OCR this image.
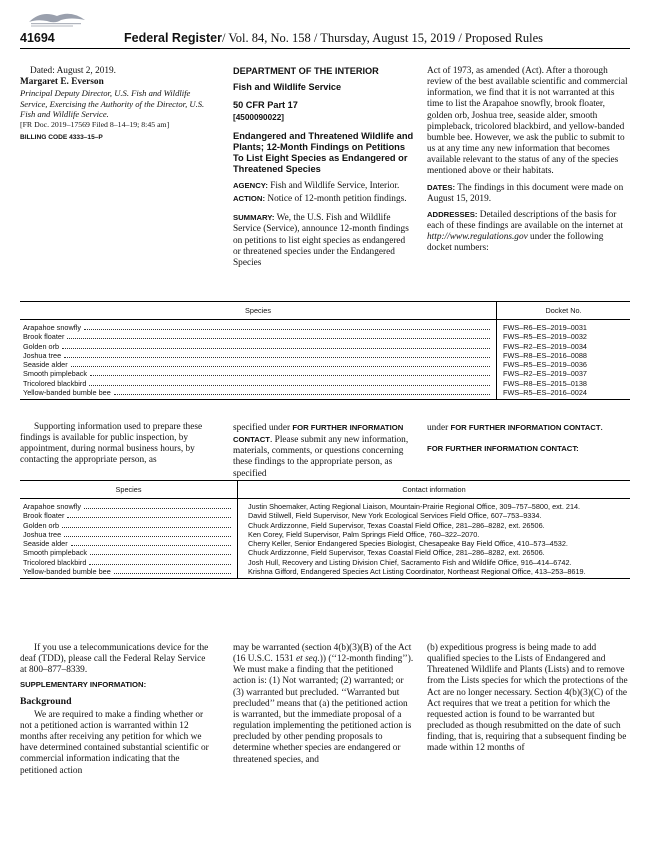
41694	Federal Register/ Vol. 84, No. 158 / Thursday, August 15, 2019 / Proposed Rules

Dated: August 2, 2019.

Margaret E. Everson

Principal Deputy Director, U.S. Fish and Wildlife Service, Exercising the Authority of the Director, U.S. Fish and Wildlife Service.

[FR Doc. 2019–17569 Filed 8–14–19; 8:45 am]

BILLING CODE 4333–15–P

DEPARTMENT OF THE INTERIOR

Fish and Wildlife Service

50 CFR Part 17

[4500090022]

Endangered and Threatened Wildlife and Plants; 12-Month Findings on Petitions To List Eight Species as Endangered or Threatened Species

AGENCY: Fish and Wildlife Service, Interior.

ACTION: Notice of 12-month petition findings.

SUMMARY: We, the U.S. Fish and Wildlife Service (Service), announce 12-month findings on petitions to list eight species as endangered or threatened species under the Endangered Species

Act of 1973, as amended (Act). After a thorough review of the best available scientific and commercial information, we find that it is not warranted at this time to list the Arapahoe snowfly, brook floater, golden orb, Joshua tree, seaside alder, smooth pimpleback, tricolored blackbird, and yellow-banded bumble bee. However, we ask the public to submit to us at any time any new information that becomes available relevant to the status of any of the species mentioned above or their habitats.

DATES: The findings in this document were made on August 15, 2019.

ADDRESSES: Detailed descriptions of the basis for each of these findings are available on the internet at http://www.regulations.gov under the following docket numbers:

Species	Docket No.

Arapahoe snowfly	FWS–R6–ES–2019–0031

Brook floater	FWS–R5–ES–2019–0032

Golden orb	FWS–R2–ES–2019–0034

Joshua tree	FWS–R8–ES–2016–0088

Seaside alder	FWS–R5–ES–2019–0036

Smooth pimpleback	FWS–R2–ES–2019–0037

Tricolored blackbird	FWS–R8–ES–2015–0138

Yellow-banded bumble bee	FWS–R5–ES–2016–0024

Supporting information used to prepare these findings is available for public inspection, by appointment, during normal business hours, by contacting the appropriate person, as

specified under FOR FURTHER INFORMATION CONTACT. Please submit any new information, materials, comments, or questions concerning these findings to the appropriate person, as specified

under FOR FURTHER INFORMATION CONTACT.

FOR FURTHER INFORMATION CONTACT:

Species	Contact information

Arapahoe snowfly	Justin Shoemaker, Acting Regional Liaison, Mountain-Prairie Regional Office, 309–757–5800, ext. 214.

Brook floater	David Stilwell, Field Supervisor, New York Ecological Services Field Office, 607–753–9334.

Golden orb	Chuck Ardizzonne, Field Supervisor, Texas Coastal Field Office, 281–286–8282, ext. 26506.

Joshua tree	Ken Corey, Field Supervisor, Palm Springs Field Office, 760–322–2070.

Seaside alder	Cherry Keller, Senior Endangered Species Biologist, Chesapeake Bay Field Office, 410–573–4532.

Smooth pimpleback	Chuck Ardizzonne, Field Supervisor, Texas Coastal Field Office, 281–286–8282, ext. 26506.

Tricolored blackbird	Josh Hull, Recovery and Listing Division Chief, Sacramento Fish and Wildlife Office, 916–414–6742.

Yellow-banded bumble bee	Krishna Gifford, Endangered Species Act Listing Coordinator, Northeast Regional Office, 413–253–8619.

If you use a telecommunications device for the deaf (TDD), please call the Federal Relay Service at 800–877–8339.

SUPPLEMENTARY INFORMATION:

Background

We are required to make a finding whether or not a petitioned action is warranted within 12 months after receiving any petition for which we have determined contained substantial scientific or commercial information indicating that the petitioned action

may be warranted (section 4(b)(3)(B) of the Act (16 U.S.C. 1531 et seq.)) (‘‘12-month finding’’). We must make a finding that the petitioned action is: (1) Not warranted; (2) warranted; or (3) warranted but precluded. ‘‘Warranted but precluded’’ means that (a) the petitioned action is warranted, but the immediate proposal of a regulation implementing the petitioned action is precluded by other pending proposals to determine whether species are endangered or threatened species, and

(b) expeditious progress is being made to add qualified species to the Lists of Endangered and Threatened Wildlife and Plants (Lists) and to remove from the Lists species for which the protections of the Act are no longer necessary. Section 4(b)(3)(C) of the Act requires that we treat a petition for which the requested action is found to be warranted but precluded as though resubmitted on the date of such finding, that is, requiring that a subsequent finding be made within 12 months of
